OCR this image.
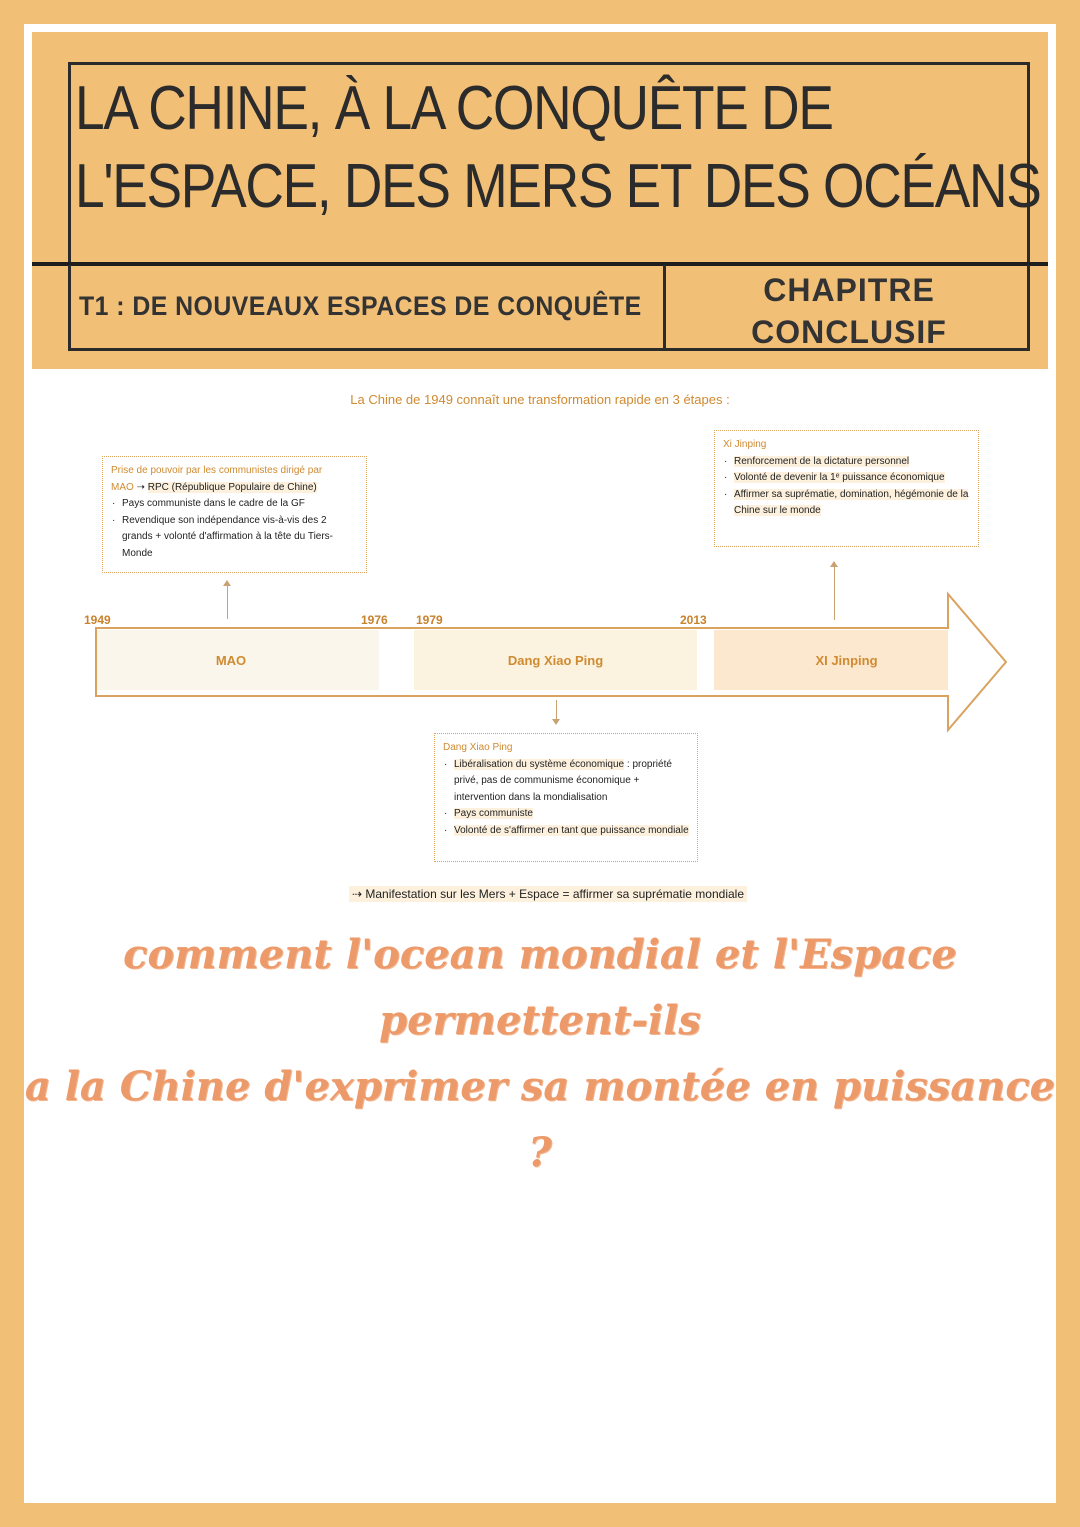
LA CHINE, À LA CONQUÊTE DE
L'ESPACE, DES MERS ET DES OCÉANS
T1 : DE NOUVEAUX ESPACES DE CONQUÊTE	CHAPITRE
CONCLUSIF
La Chine de 1949 connaît une transformation rapide en 3 étapes :
Prise de pouvoir par les communistes dirigé par
MAO ➝ RPC (République Populaire de Chine)
· Pays communiste dans le cadre de la GF
· Revendique son indépendance vis-à-vis des 2 grands + volonté d'affirmation à la tête du Tiers-Monde
Xi Jinping
· Renforcement de la dictature personnel
· Volonté de devenir la 1ᵉ puissance économique
· Affirmer sa suprématie, domination, hégémonie de la Chine sur le monde
1949	1976 1979	2013
MAO	Dang Xiao Ping	XI Jinping
Dang Xiao Ping
· Libéralisation du système économique : propriété privé, pas de communisme économique + intervention dans la mondialisation
· Pays communiste
· Volonté de s'affirmer en tant que puissance mondiale
⇢ Manifestation sur les Mers + Espace = affirmer sa suprématie mondiale
comment l'ocean mondial et l'Espace permettent-ils
a la Chine d'exprimer sa montée en puissance ?
